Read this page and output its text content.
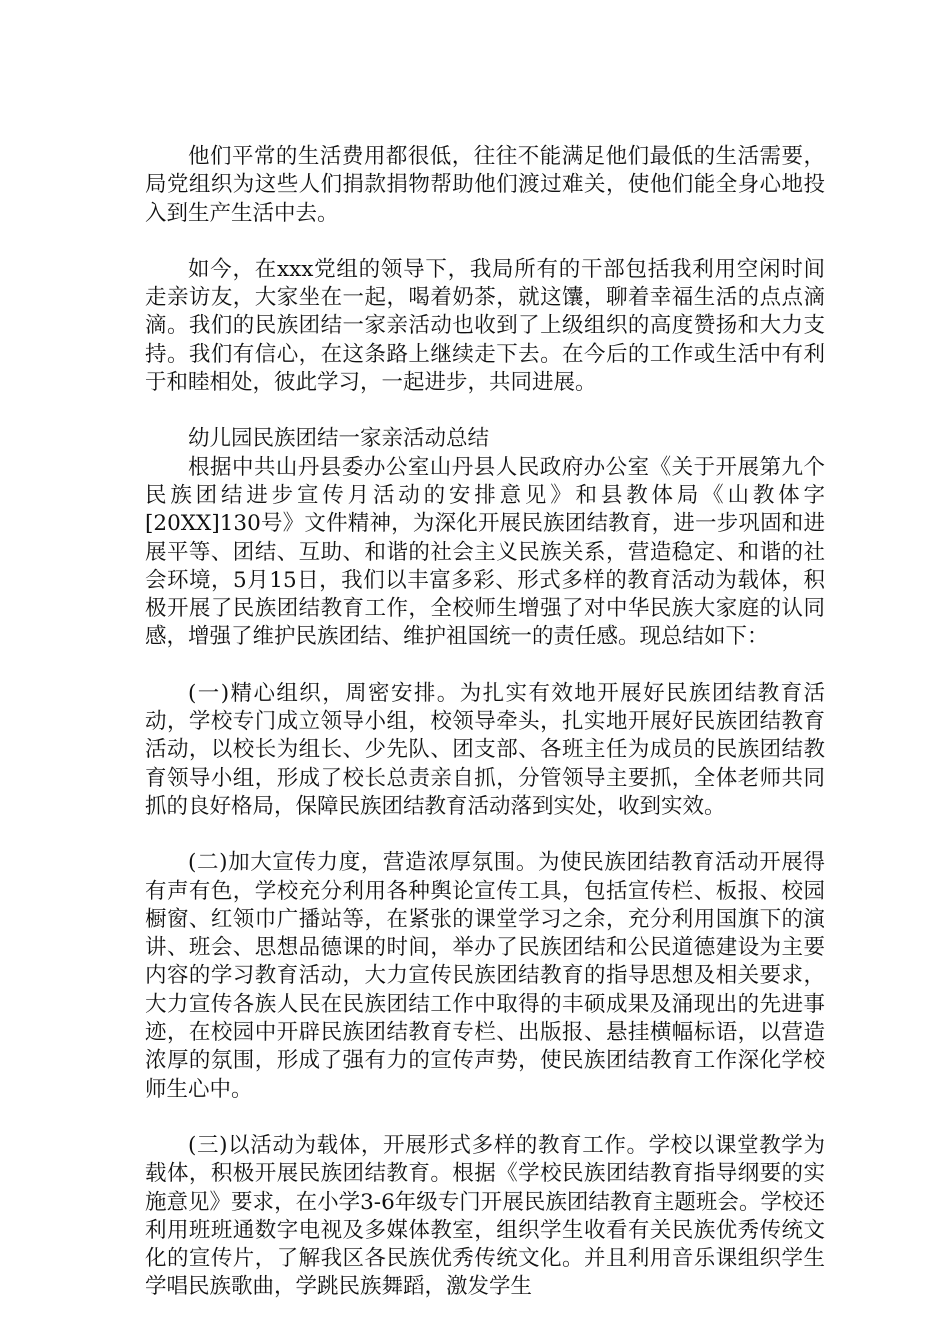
他们平常的生活费用都很低，往往不能满足他们最低的生活需要，局党组织为这些人们捐款捐物帮助他们渡过难关，使他们能全身心地投入到生产生活中去。

如今，在xxx党组的领导下，我局所有的干部包括我利用空闲时间走亲访友，大家坐在一起，喝着奶茶，就这馕，聊着幸福生活的点点滴滴。我们的民族团结一家亲活动也收到了上级组织的高度赞扬和大力支持。我们有信心，在这条路上继续走下去。在今后的工作或生活中有利于和睦相处，彼此学习，一起进步，共同进展。

幼儿园民族团结一家亲活动总结

根据中共山丹县委办公室山丹县人民政府办公室《关于开展第九个民族团结进步宣传月活动的安排意见》和县教体局《山教体字[20XX]130号》文件精神，为深化开展民族团结教育，进一步巩固和进展平等、团结、互助、和谐的社会主义民族关系，营造稳定、和谐的社会环境，5月15日，我们以丰富多彩、形式多样的教育活动为载体，积极开展了民族团结教育工作，全校师生增强了对中华民族大家庭的认同感，增强了维护民族团结、维护祖国统一的责任感。现总结如下：

(一)精心组织，周密安排。为扎实有效地开展好民族团结教育活动，学校专门成立领导小组，校领导牵头，扎实地开展好民族团结教育活动，以校长为组长、少先队、团支部、各班主任为成员的民族团结教育领导小组，形成了校长总责亲自抓，分管领导主要抓，全体老师共同抓的良好格局，保障民族团结教育活动落到实处，收到实效。

(二)加大宣传力度，营造浓厚氛围。为使民族团结教育活动开展得有声有色，学校充分利用各种舆论宣传工具，包括宣传栏、板报、校园橱窗、红领巾广播站等，在紧张的课堂学习之余，充分利用国旗下的演讲、班会、思想品德课的时间，举办了民族团结和公民道德建设为主要内容的学习教育活动，大力宣传民族团结教育的指导思想及相关要求，大力宣传各族人民在民族团结工作中取得的丰硕成果及涌现出的先进事迹，在校园中开辟民族团结教育专栏、出版报、悬挂横幅标语，以营造浓厚的氛围，形成了强有力的宣传声势，使民族团结教育工作深化学校师生心中。

(三)以活动为载体，开展形式多样的教育工作。学校以课堂教学为载体，积极开展民族团结教育。根据《学校民族团结教育指导纲要的实施意见》要求，在小学3-6年级专门开展民族团结教育主题班会。学校还利用班班通数字电视及多媒体教室，组织学生收看有关民族优秀传统文化的宣传片，了解我区各民族优秀传统文化。并且利用音乐课组织学生学唱民族歌曲，学跳民族舞蹈，激发学生
